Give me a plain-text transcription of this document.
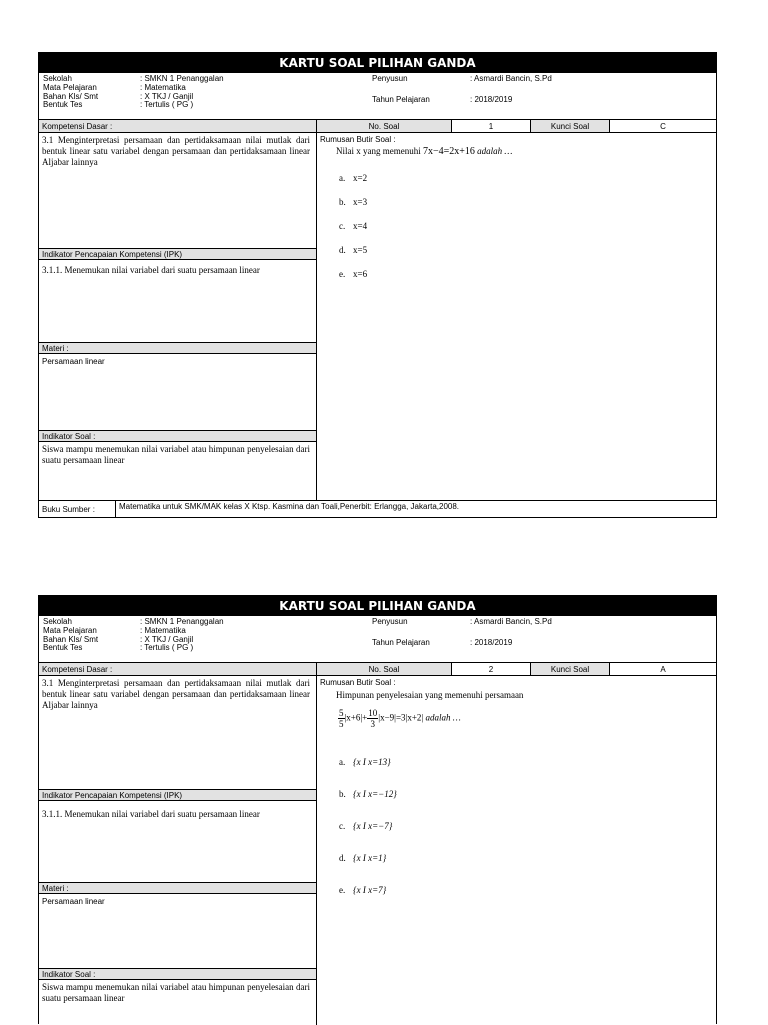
KARTU SOAL PILIHAN GANDA
Sekolah	: SMKN 1 Penanggalan
Mata Pelajaran	: Matematika
Bahan Kls/ Smt	: X TKJ / Ganjil
Bentuk Tes	: Tertulis ( PG )
Penyusun	: Asmardi Bancin, S.Pd
Tahun Pelajaran	: 2018/2019
Kompetensi Dasar :	No. Soal	1	Kunci Soal	C
3.1 Menginterpretasi persamaan dan pertidaksamaan nilai mutlak dari bentuk linear satu variabel dengan persamaan dan pertidaksamaan linear Aljabar lainnya
Indikator Pencapaian Kompetensi (IPK)
3.1.1. Menemukan nilai variabel dari suatu persamaan linear
Materi :
Persamaan linear
Indikator Soal :
Siswa mampu menemukan nilai variabel atau himpunan penyelesaian dari suatu persamaan linear
Rumusan Butir Soal :
Nilai x yang memenuhi 7x−4=2x+16 adalah …
a. x=2
b. x=3
c. x=4
d. x=5
e. x=6
Buku Sumber :	Matematika untuk SMK/MAK kelas X Ktsp. Kasmina dan Toali,Penerbit: Erlangga, Jakarta,2008.
KARTU SOAL PILIHAN GANDA
Sekolah	: SMKN 1 Penanggalan
Mata Pelajaran	: Matematika
Bahan Kls/ Smt	: X TKJ / Ganjil
Bentuk Tes	: Tertulis ( PG )
Penyusun	: Asmardi Bancin, S.Pd
Tahun Pelajaran	: 2018/2019
Kompetensi Dasar :	No. Soal	2	Kunci Soal	A
3.1 Menginterpretasi persamaan dan pertidaksamaan nilai mutlak dari bentuk linear satu variabel dengan persamaan dan pertidaksamaan linear Aljabar lainnya
Indikator Pencapaian Kompetensi (IPK)
3.1.1. Menemukan nilai variabel dari suatu persamaan linear
Materi :
Persamaan linear
Indikator Soal :
Siswa mampu menemukan nilai variabel atau himpunan penyelesaian dari suatu persamaan linear
Rumusan Butir Soal :
Himpunan penyelesaian yang memenuhi persamaan
$\frac{5}{5} |x+6|+ \frac{10}{3} |x-9|=3|x+2|$ adalah …
a. {x I x=13}
b. {x I x=−12}
c. {x I x=−7}
d. {x I x=1}
e. {x I x=7}
